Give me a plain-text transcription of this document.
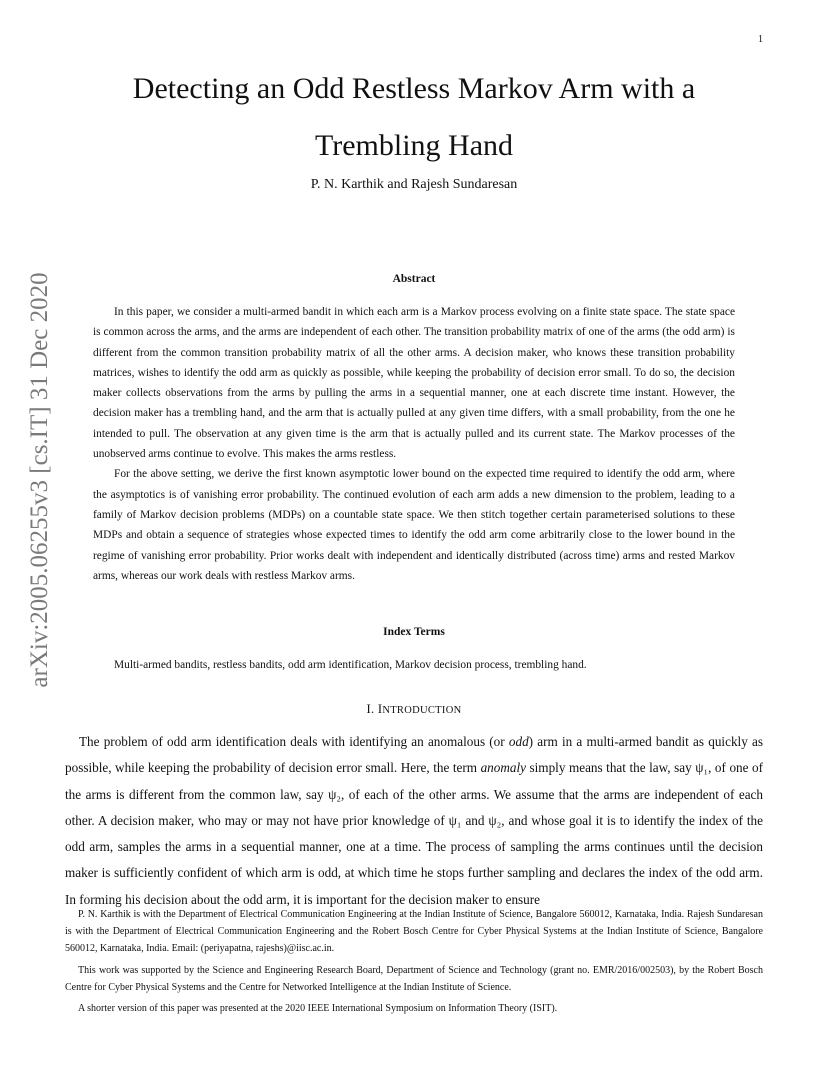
1
arXiv:2005.06255v3 [cs.IT] 31 Dec 2020
Detecting an Odd Restless Markov Arm with a
Trembling Hand
P. N. Karthik and Rajesh Sundaresan
Abstract

In this paper, we consider a multi-armed bandit in which each arm is a Markov process evolving on a finite state space. The state space is common across the arms, and the arms are independent of each other. The transition probability matrix of one of the arms (the odd arm) is different from the common transition probability matrix of all the other arms. A decision maker, who knows these transition probability matrices, wishes to identify the odd arm as quickly as possible, while keeping the probability of decision error small. To do so, the decision maker collects observations from the arms by pulling the arms in a sequential manner, one at each discrete time instant. However, the decision maker has a trembling hand, and the arm that is actually pulled at any given time differs, with a small probability, from the one he intended to pull. The observation at any given time is the arm that is actually pulled and its current state. The Markov processes of the unobserved arms continue to evolve. This makes the arms restless.

For the above setting, we derive the first known asymptotic lower bound on the expected time required to identify the odd arm, where the asymptotics is of vanishing error probability. The continued evolution of each arm adds a new dimension to the problem, leading to a family of Markov decision problems (MDPs) on a countable state space. We then stitch together certain parameterised solutions to these MDPs and obtain a sequence of strategies whose expected times to identify the odd arm come arbitrarily close to the lower bound in the regime of vanishing error probability. Prior works dealt with independent and identically distributed (across time) arms and rested Markov arms, whereas our work deals with restless Markov arms.

Index Terms

Multi-armed bandits, restless bandits, odd arm identification, Markov decision process, trembling hand.

I. INTRODUCTION

The problem of odd arm identification deals with identifying an anomalous (or odd) arm in a multi-armed bandit as quickly as possible, while keeping the probability of decision error small. Here, the term anomaly simply means that the law, say ψ₁, of one of the arms is different from the common law, say ψ₂, of each of the other arms. We assume that the arms are independent of each other. A decision maker, who may or may not have prior knowledge of ψ₁ and ψ₂, and whose goal it is to identify the index of the odd arm, samples the arms in a sequential manner, one at a time. The process of sampling the arms continues until the decision maker is sufficiently confident of which arm is odd, at which time he stops further sampling and declares the index of the odd arm. In forming his decision about the odd arm, it is important for the decision maker to ensure

P. N. Karthik is with the Department of Electrical Communication Engineering at the Indian Institute of Science, Bangalore 560012, Karnataka, India. Rajesh Sundaresan is with the Department of Electrical Communication Engineering and the Robert Bosch Centre for Cyber Physical Systems at the Indian Institute of Science, Bangalore 560012, Karnataka, India. Email: (periyapatna, rajeshs)@iisc.ac.in.

This work was supported by the Science and Engineering Research Board, Department of Science and Technology (grant no. EMR/2016/002503), by the Robert Bosch Centre for Cyber Physical Systems and the Centre for Networked Intelligence at the Indian Institute of Science.

A shorter version of this paper was presented at the 2020 IEEE International Symposium on Information Theory (ISIT).
